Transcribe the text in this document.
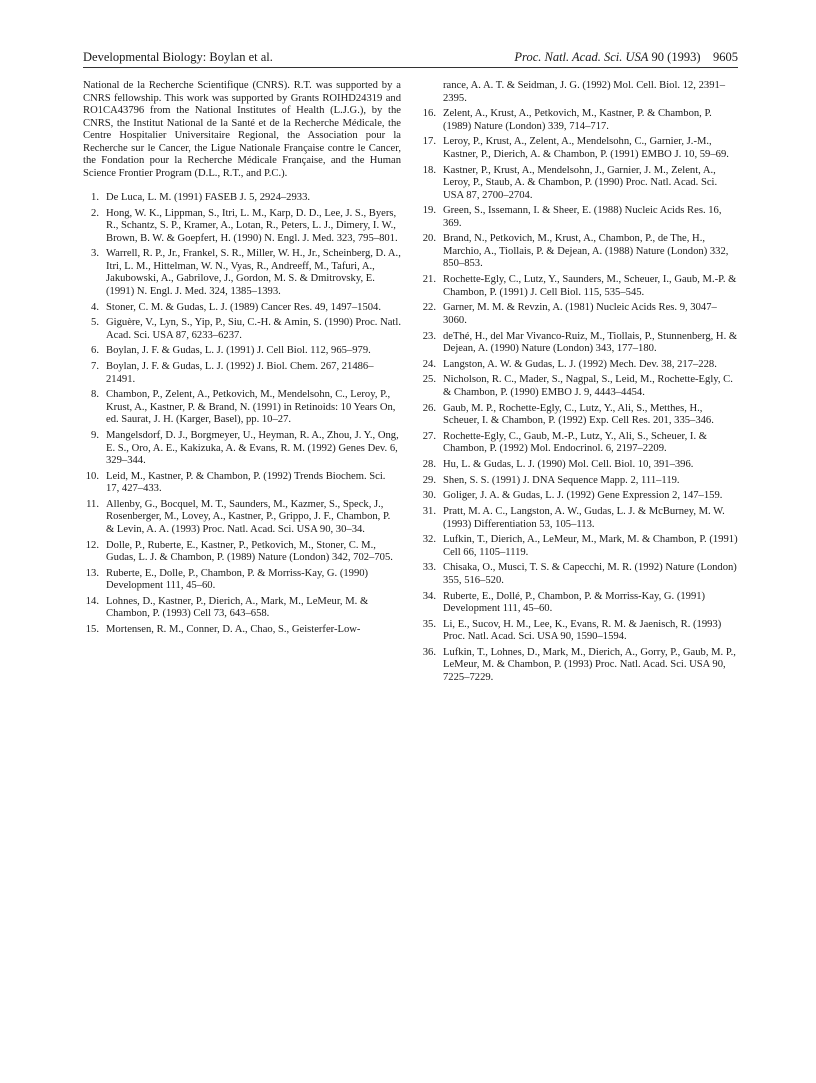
Developmental Biology: Boylan et al.	Proc. Natl. Acad. Sci. USA 90 (1993) 9605

National de la Recherche Scientifique (CNRS). R.T. was supported by a CNRS fellowship. This work was supported by Grants ROIHD24319 and RO1CA43796 from the National Institutes of Health (L.J.G.), by the CNRS, the Institut National de la Santé et de la Recherche Médicale, the Centre Hospitalier Universitaire Regional, the Association pour la Recherche sur le Cancer, the Ligue Nationale Française contre le Cancer, the Fondation pour la Recherche Médicale Française, and the Human Science Frontier Program (D.L., R.T., and P.C.).

1. De Luca, L. M. (1991) FASEB J. 5, 2924–2933.
2. Hong, W. K., Lippman, S., Itri, L. M., Karp, D. D., Lee, J. S., Byers, R., Schantz, S. P., Kramer, A., Lotan, R., Peters, L. J., Dimery, I. W., Brown, B. W. & Goepfert, H. (1990) N. Engl. J. Med. 323, 795–801.
3. Warrell, R. P., Jr., Frankel, S. R., Miller, W. H., Jr., Scheinberg, D. A., Itri, L. M., Hittelman, W. N., Vyas, R., Andreeff, M., Tafuri, A., Jakubowski, A., Gabrilove, J., Gordon, M. S. & Dmitrovsky, E. (1991) N. Engl. J. Med. 324, 1385–1393.
4. Stoner, C. M. & Gudas, L. J. (1989) Cancer Res. 49, 1497–1504.
5. Giguère, V., Lyn, S., Yip, P., Siu, C.-H. & Amin, S. (1990) Proc. Natl. Acad. Sci. USA 87, 6233–6237.
6. Boylan, J. F. & Gudas, L. J. (1991) J. Cell Biol. 112, 965–979.
7. Boylan, J. F. & Gudas, L. J. (1992) J. Biol. Chem. 267, 21486–21491.
8. Chambon, P., Zelent, A., Petkovich, M., Mendelsohn, C., Leroy, P., Krust, A., Kastner, P. & Brand, N. (1991) in Retinoids: 10 Years On, ed. Saurat, J. H. (Karger, Basel), pp. 10–27.
9. Mangelsdorf, D. J., Borgmeyer, U., Heyman, R. A., Zhou, J. Y., Ong, E. S., Oro, A. E., Kakizuka, A. & Evans, R. M. (1992) Genes Dev. 6, 329–344.
10. Leid, M., Kastner, P. & Chambon, P. (1992) Trends Biochem. Sci. 17, 427–433.
11. Allenby, G., Bocquel, M. T., Saunders, M., Kazmer, S., Speck, J., Rosenberger, M., Lovey, A., Kastner, P., Grippo, J. F., Chambon, P. & Levin, A. A. (1993) Proc. Natl. Acad. Sci. USA 90, 30–34.
12. Dolle, P., Ruberte, E., Kastner, P., Petkovich, M., Stoner, C. M., Gudas, L. J. & Chambon, P. (1989) Nature (London) 342, 702–705.
13. Ruberte, E., Dolle, P., Chambon, P. & Morriss-Kay, G. (1990) Development 111, 45–60.
14. Lohnes, D., Kastner, P., Dierich, A., Mark, M., LeMeur, M. & Chambon, P. (1993) Cell 73, 643–658.
15. Mortensen, R. M., Conner, D. A., Chao, S., Geisterfer-Low-
rance, A. A. T. & Seidman, J. G. (1992) Mol. Cell. Biol. 12, 2391–2395.
16. Zelent, A., Krust, A., Petkovich, M., Kastner, P. & Chambon, P. (1989) Nature (London) 339, 714–717.
17. Leroy, P., Krust, A., Zelent, A., Mendelsohn, C., Garnier, J.-M., Kastner, P., Dierich, A. & Chambon, P. (1991) EMBO J. 10, 59–69.
18. Kastner, P., Krust, A., Mendelsohn, J., Garnier, J. M., Zelent, A., Leroy, P., Staub, A. & Chambon, P. (1990) Proc. Natl. Acad. Sci. USA 87, 2700–2704.
19. Green, S., Issemann, I. & Sheer, E. (1988) Nucleic Acids Res. 16, 369.
20. Brand, N., Petkovich, M., Krust, A., Chambon, P., de The, H., Marchio, A., Tiollais, P. & Dejean, A. (1988) Nature (London) 332, 850–853.
21. Rochette-Egly, C., Lutz, Y., Saunders, M., Scheuer, I., Gaub, M.-P. & Chambon, P. (1991) J. Cell Biol. 115, 535–545.
22. Garner, M. M. & Revzin, A. (1981) Nucleic Acids Res. 9, 3047–3060.
23. deThé, H., del Mar Vivanco-Ruiz, M., Tiollais, P., Stunnenberg, H. & Dejean, A. (1990) Nature (London) 343, 177–180.
24. Langston, A. W. & Gudas, L. J. (1992) Mech. Dev. 38, 217–228.
25. Nicholson, R. C., Mader, S., Nagpal, S., Leid, M., Rochette-Egly, C. & Chambon, P. (1990) EMBO J. 9, 4443–4454.
26. Gaub, M. P., Rochette-Egly, C., Lutz, Y., Ali, S., Metthes, H., Scheuer, I. & Chambon, P. (1992) Exp. Cell Res. 201, 335–346.
27. Rochette-Egly, C., Gaub, M.-P., Lutz, Y., Ali, S., Scheuer, I. & Chambon, P. (1992) Mol. Endocrinol. 6, 2197–2209.
28. Hu, L. & Gudas, L. J. (1990) Mol. Cell. Biol. 10, 391–396.
29. Shen, S. S. (1991) J. DNA Sequence Mapp. 2, 111–119.
30. Goliger, J. A. & Gudas, L. J. (1992) Gene Expression 2, 147–159.
31. Pratt, M. A. C., Langston, A. W., Gudas, L. J. & McBurney, M. W. (1993) Differentiation 53, 105–113.
32. Lufkin, T., Dierich, A., LeMeur, M., Mark, M. & Chambon, P. (1991) Cell 66, 1105–1119.
33. Chisaka, O., Musci, T. S. & Capecchi, M. R. (1992) Nature (London) 355, 516–520.
34. Ruberte, E., Dollé, P., Chambon, P. & Morriss-Kay, G. (1991) Development 111, 45–60.
35. Li, E., Sucov, H. M., Lee, K., Evans, R. M. & Jaenisch, R. (1993) Proc. Natl. Acad. Sci. USA 90, 1590–1594.
36. Lufkin, T., Lohnes, D., Mark, M., Dierich, A., Gorry, P., Gaub, M. P., LeMeur, M. & Chambon, P. (1993) Proc. Natl. Acad. Sci. USA 90, 7225–7229.
